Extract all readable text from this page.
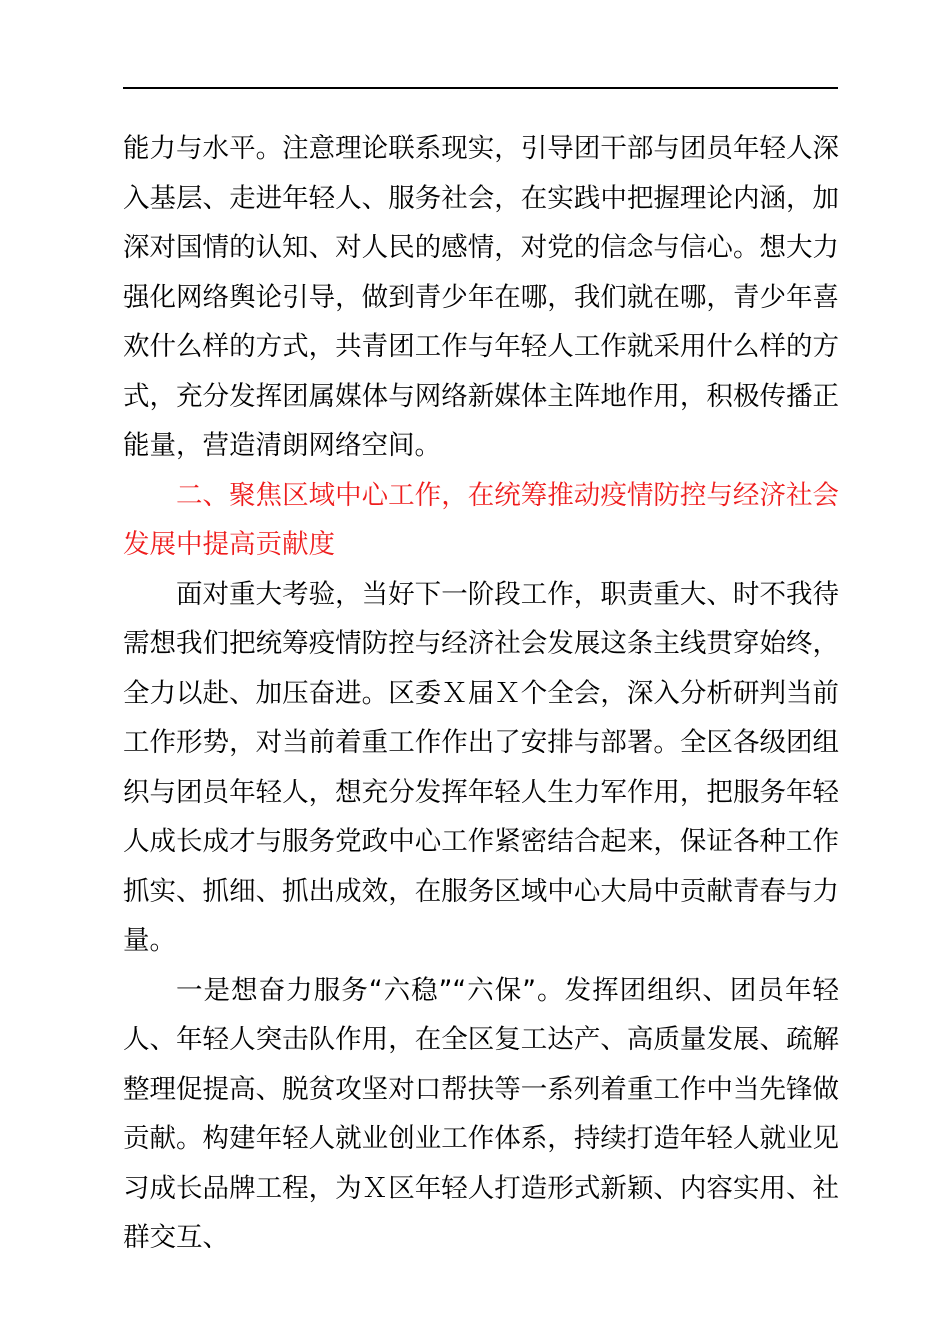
能力与水平。注意理论联系现实，引导团干部与团员年轻人深入基层、走进年轻人、服务社会，在实践中把握理论内涵，加深对国情的认知、对人民的感情，对党的信念与信心。想大力强化网络舆论引导，做到青少年在哪，我们就在哪，青少年喜欢什么样的方式，共青团工作与年轻人工作就采用什么样的方式，充分发挥团属媒体与网络新媒体主阵地作用，积极传播正能量，营造清朗网络空间。

二、聚焦区域中心工作，在统筹推动疫情防控与经济社会发展中提高贡献度

面对重大考验，当好下一阶段工作，职责重大、时不我待需想我们把统筹疫情防控与经济社会发展这条主线贯穿始终，全力以赴、加压奋进。区委Ｘ届Ｘ个全会，深入分析研判当前工作形势，对当前着重工作作出了安排与部署。全区各级团组织与团员年轻人，想充分发挥年轻人生力军作用，把服务年轻人成长成才与服务党政中心工作紧密结合起来，保证各种工作抓实、抓细、抓出成效，在服务区域中心大局中贡献青春与力量。

一是想奋力服务“六稳”“六保”。发挥团组织、团员年轻人、年轻人突击队作用，在全区复工达产、高质量发展、疏解整理促提高、脱贫攻坚对口帮扶等一系列着重工作中当先锋做贡献。构建年轻人就业创业工作体系，持续打造年轻人就业见习成长品牌工程，为Ｘ区年轻人打造形式新颖、内容实用、社群交互、
